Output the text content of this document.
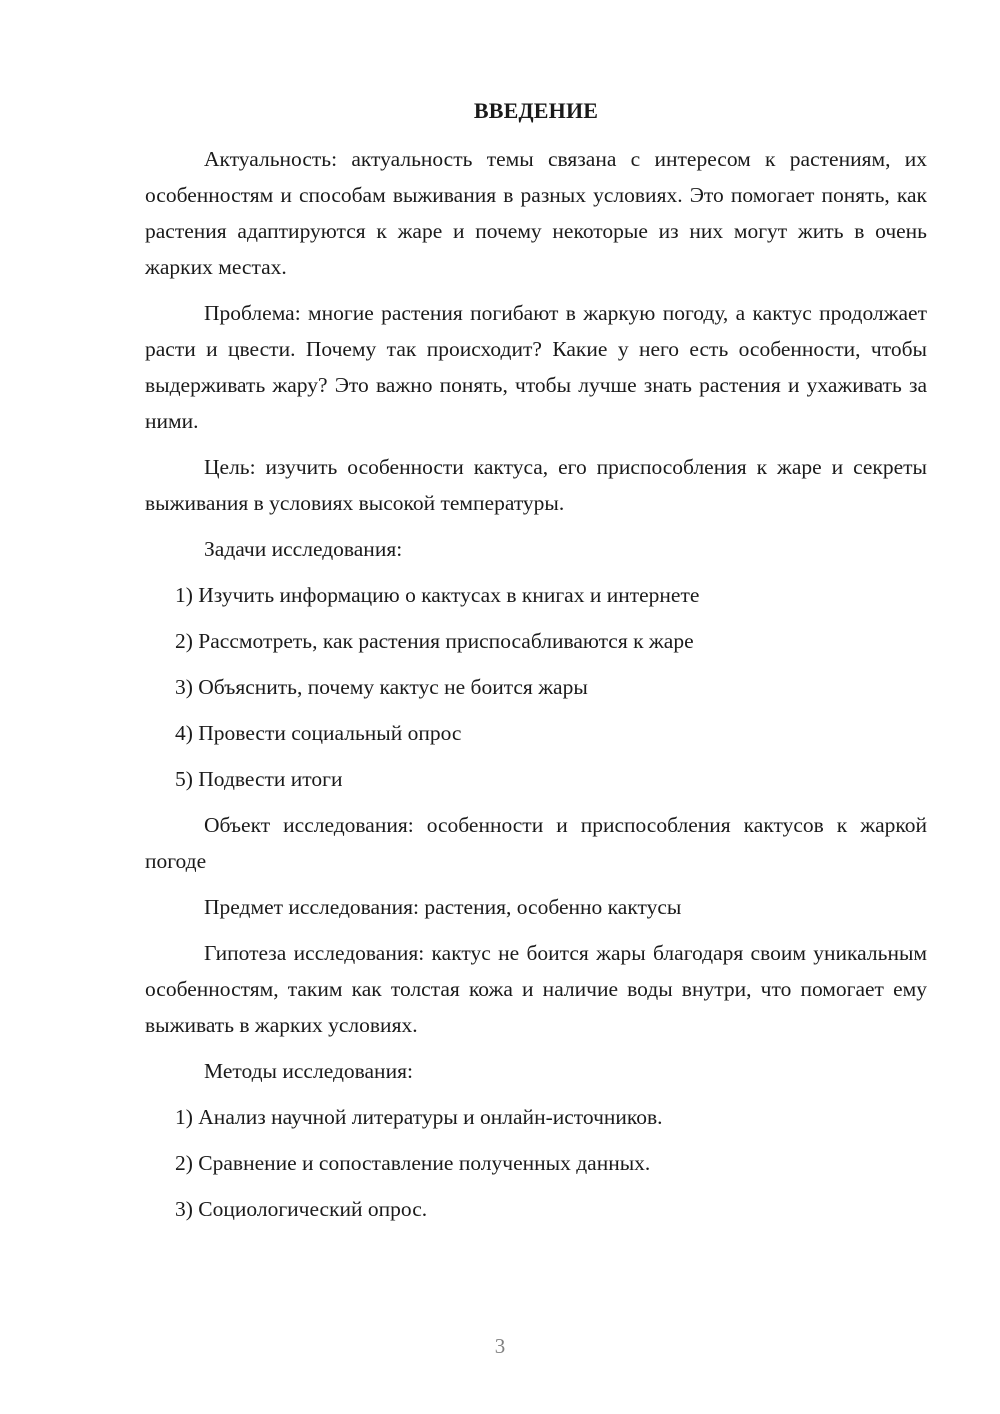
ВВЕДЕНИЕ

Актуальность: актуальность темы связана с интересом к растениям, их особенностям и способам выживания в разных условиях. Это помогает понять, как растения адаптируются к жаре и почему некоторые из них могут жить в очень жарких местах.

Проблема: многие растения погибают в жаркую погоду, а кактус продолжает расти и цвести. Почему так происходит? Какие у него есть особенности, чтобы выдерживать жару? Это важно понять, чтобы лучше знать растения и ухаживать за ними.

Цель: изучить особенности кактуса, его приспособления к жаре и секреты выживания в условиях высокой температуры.

Задачи исследования:

1) Изучить информацию о кактусах в книгах и интернете

2) Рассмотреть, как растения приспосабливаются к жаре

3) Объяснить, почему кактус не боится жары

4) Провести социальный опрос

5) Подвести итоги

Объект исследования: особенности и приспособления кактусов к жаркой погоде

Предмет исследования: растения, особенно кактусы

Гипотеза исследования: кактус не боится жары благодаря своим уникальным особенностям, таким как толстая кожа и наличие воды внутри, что помогает ему выживать в жарких условиях.

Методы исследования:

1) Анализ научной литературы и онлайн-источников.

2) Сравнение и сопоставление полученных данных.

3) Социологический опрос.

3
